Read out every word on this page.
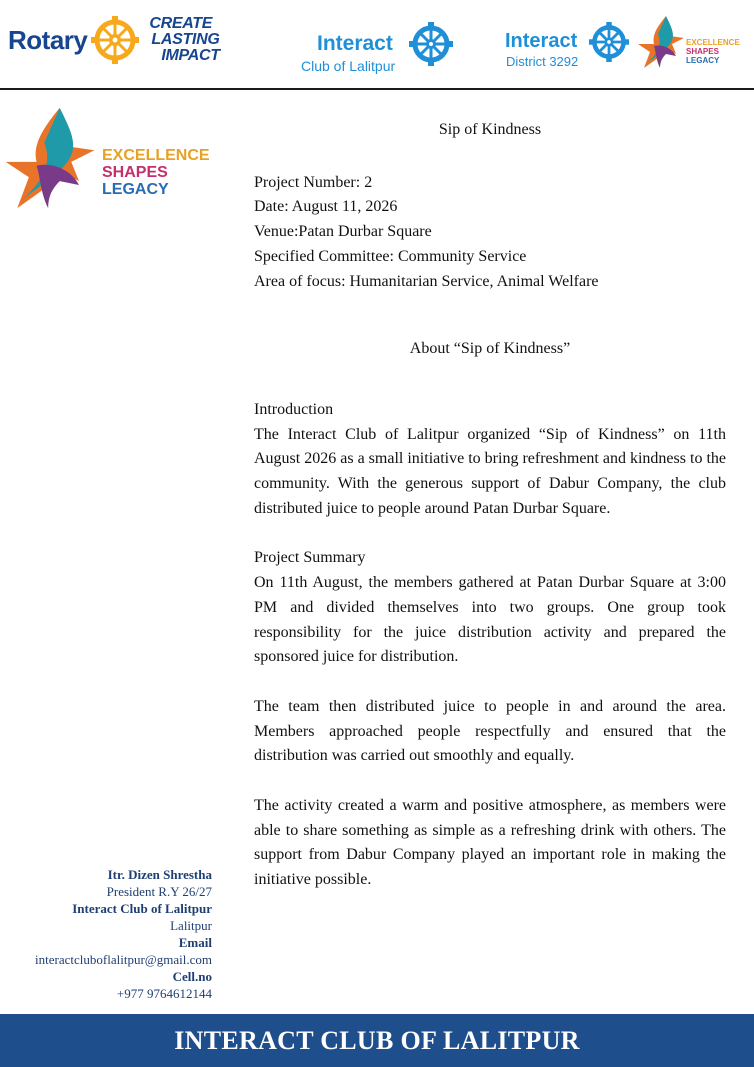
Rotary
CREATE
LASTING
IMPACT
Interact
Club of Lalitpur
Interact
District 3292
EXCELLENCE
SHAPES
LEGACY
EXCELLENCE
SHAPES
LEGACY
Sip of Kindness
Project Number: 2
Date: August 11, 2026
Venue:Patan Durbar Square
Specified Committee: Community Service
Area of focus: Humanitarian Service, Animal Welfare
About “Sip of Kindness”
Introduction
The Interact Club of Lalitpur organized “Sip of Kindness” on 11th August 2026 as a small initiative to bring refreshment and kindness to the community. With the generous support of Dabur Company, the club distributed juice to people around Patan Durbar Square.
Project Summary
On 11th August, the members gathered at Patan Durbar Square at 3:00 PM and divided themselves into two groups. One group took responsibility for the juice distribution activity and prepared the sponsored juice for distribution.
The team then distributed juice to people in and around the area. Members approached people respectfully and ensured that the distribution was carried out smoothly and equally.
The activity created a warm and positive atmosphere, as members were able to share something as simple as a refreshing drink with others. The support from Dabur Company played an important role in making the initiative possible.
Itr. Dizen Shrestha
President R.Y 26/27
Interact Club of Lalitpur
Lalitpur
Email
interactcluboflalitpur@gmail.com
Cell.no
+977 9764612144
INTERACT CLUB OF LALITPUR
